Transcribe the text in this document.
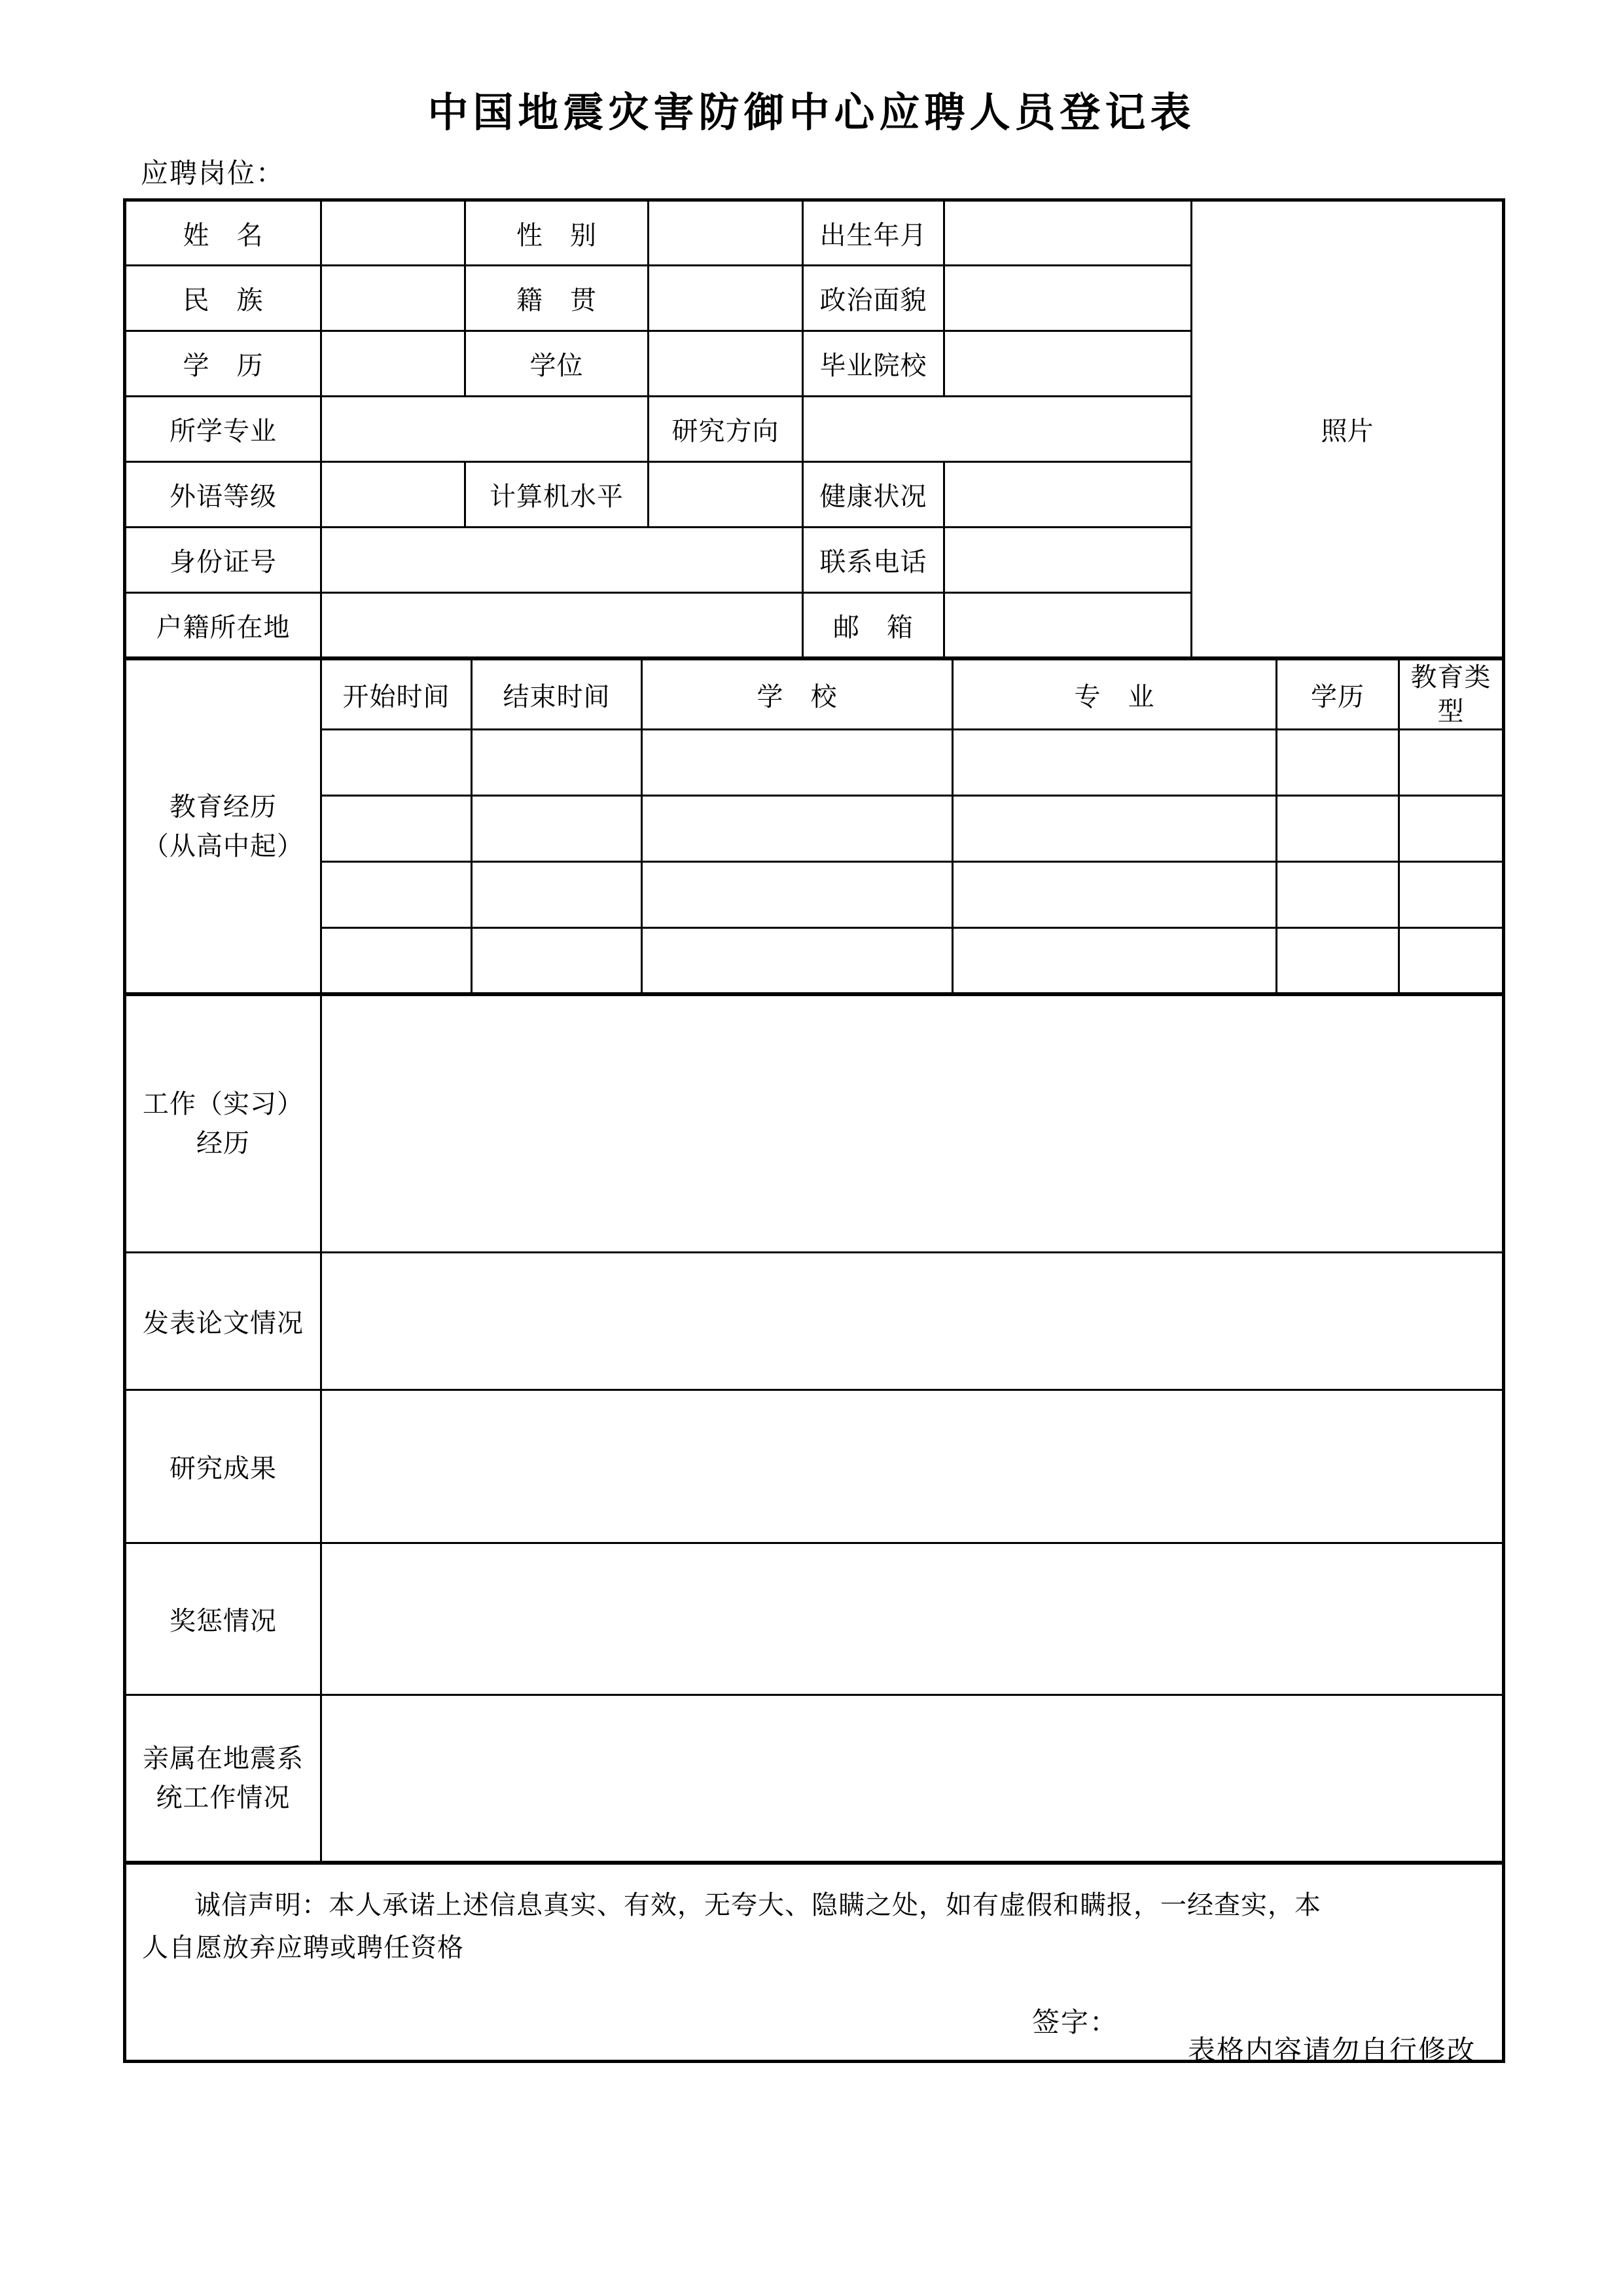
中国地震灾害防御中心应聘人员登记表
应聘岗位：
姓　名		性　别		出生年月		照片
民　族		籍　贯		政治面貌		
学　历		学位		毕业院校		
所学专业			研究方向			
外语等级		计算机水平		健康状况		
身份证号				联系电话		
户籍所在地				邮　箱		
教育经历
（从高中起）	开始时间	结束时间	学　校	专　业	学历	教育类型

工作（实习）
经历	

发表论文情况	
研究成果	
奖惩情况	

亲属在地震系
统工作情况	

诚信声明：本人承诺上述信息真实、有效，无夸大、隐瞒之处，如有虚假和瞒报，一经查实，本人自愿放弃应聘或聘任资格
签字：
表格内容请勿自行修改
